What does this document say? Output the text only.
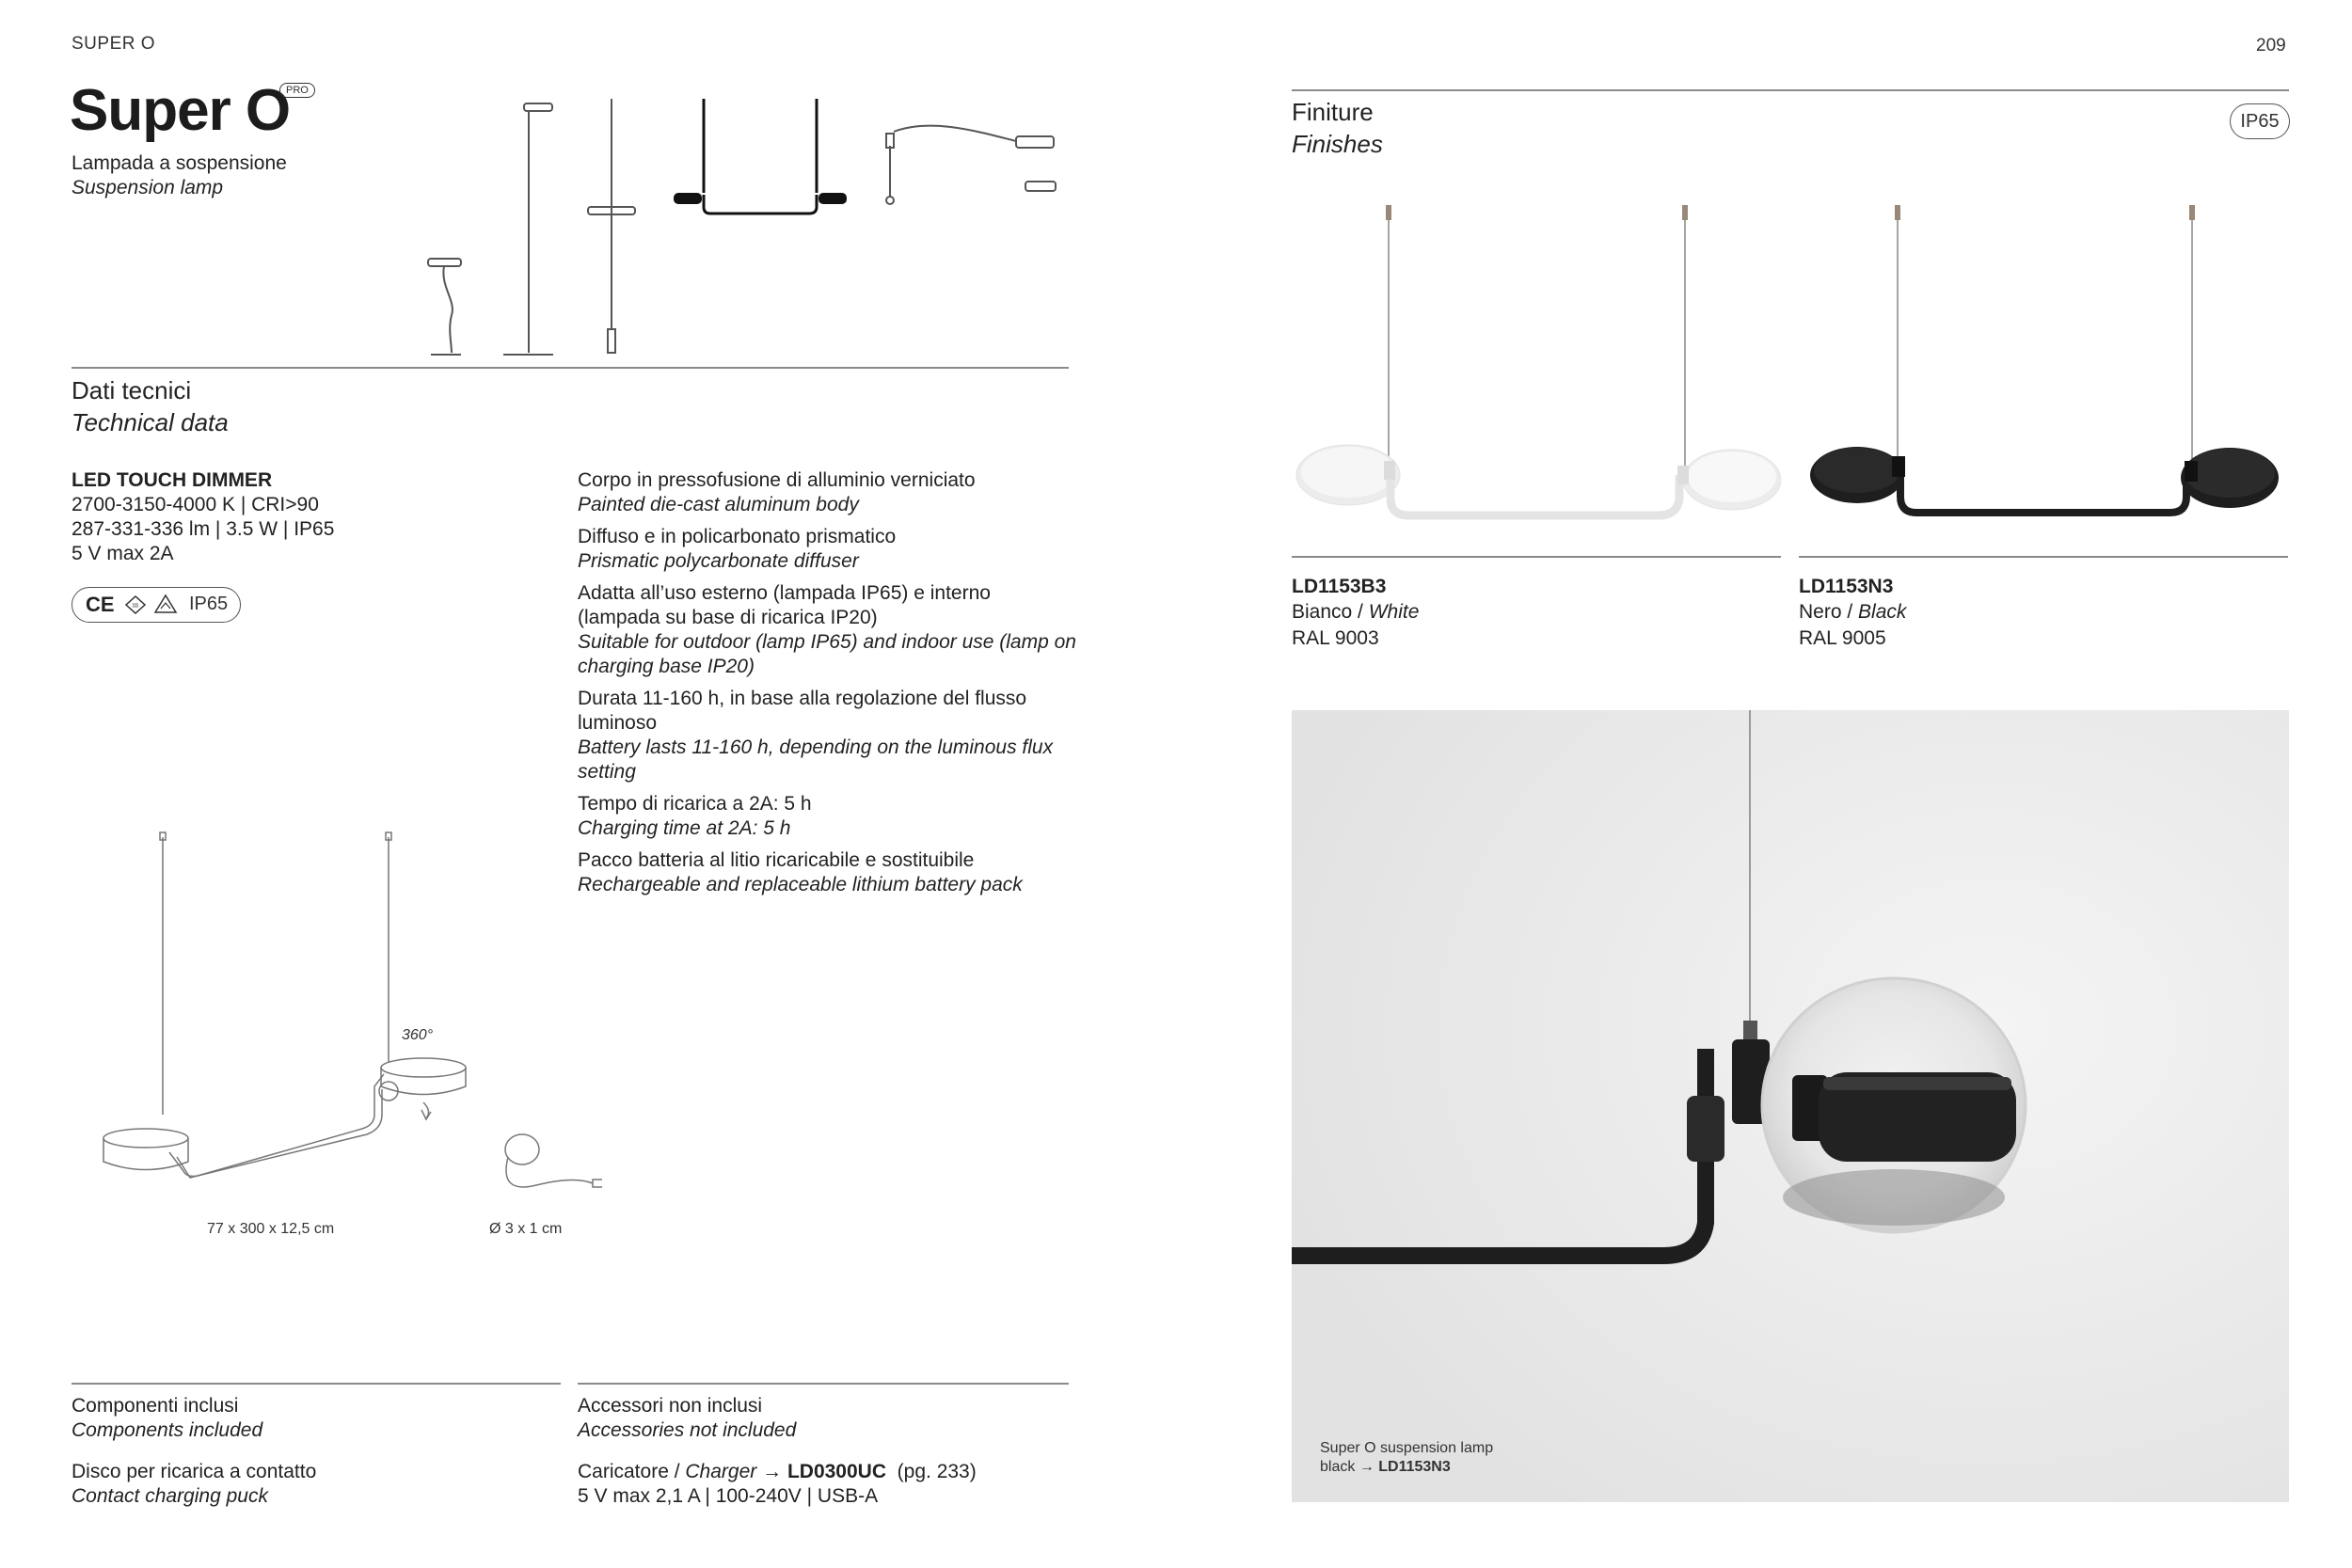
SUPER O
Super O
PRO
Lampada a sospensione
Suspension lamp
Dati tecnici
Technical data
LED TOUCH DIMMER
2700-3150-4000 K | CRI>90
287-331-336 lm | 3.5 W | IP65
5 V max 2A
CE	III	IP65
Corpo in pressofusione di alluminio verniciato
Painted die-cast aluminum body
Diffuso e in policarbonato prismatico
Prismatic polycarbonate diffuser
Adatta all’uso esterno (lampada IP65) e interno (lampada su base di ricarica IP20)
Suitable for outdoor (lamp IP65) and indoor use (lamp on charging base IP20)
Durata 11-160 h, in base alla regolazione del flusso luminoso
Battery lasts 11-160 h, depending on the luminous flux setting
Tempo di ricarica a 2A: 5 h
Charging time at 2A: 5 h
Pacco batteria al litio ricaricabile e sostituibile
Rechargeable and replaceable lithium battery pack
360°
77 x 300 x 12,5 cm	Ø 3 x 1 cm
Componenti inclusi
Components included
Disco per ricarica a contatto
Contact charging puck
Accessori non inclusi
Accessories not included
Caricatore / Charger → LD0300UC (pg. 233)
5 V max 2,1 A | 100-240V | USB-A
209
Finiture
Finishes
IP65
LD1153B3
Bianco / White
RAL 9003
LD1153N3
Nero / Black
RAL 9005
Super O suspension lamp
black → LD1153N3
